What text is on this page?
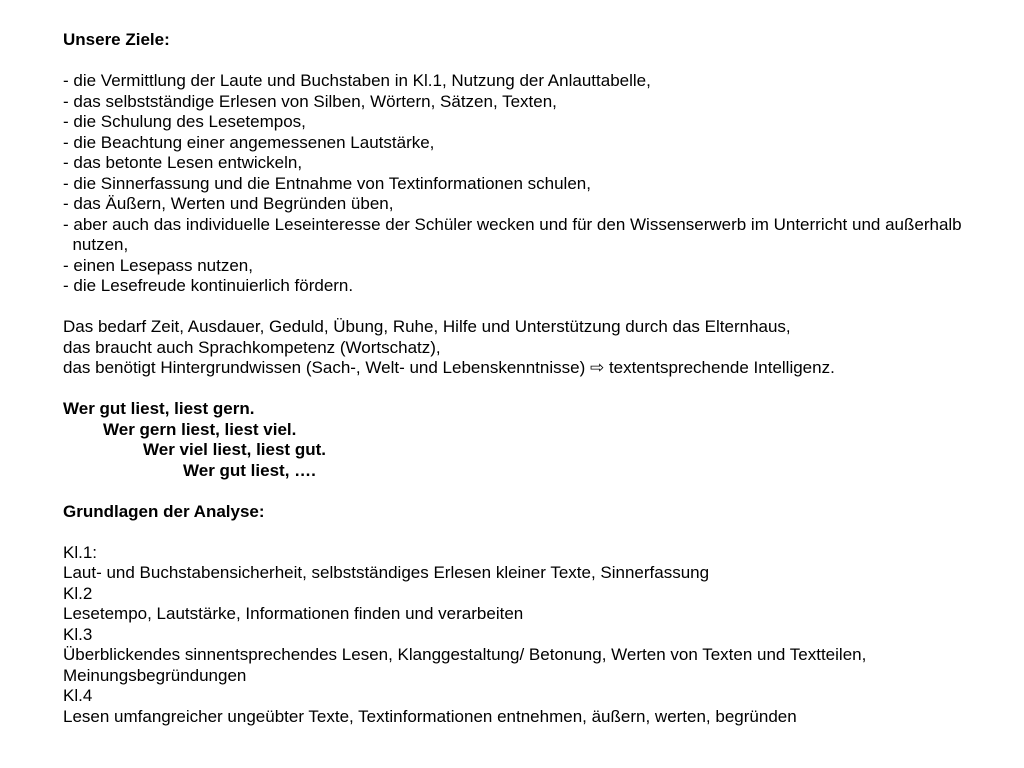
Unsere Ziele:
- die Vermittlung der Laute und Buchstaben in Kl.1, Nutzung der Anlauttabelle,
- das selbstständige Erlesen von Silben, Wörtern, Sätzen, Texten,
- die Schulung des Lesetempos,
- die Beachtung einer angemessenen Lautstärke,
- das betonte Lesen entwickeln,
- die Sinnerfassung und die Entnahme von Textinformationen schulen,
- das Äußern, Werten und Begründen üben,
- aber auch das individuelle Leseinteresse der Schüler wecken und für den Wissenserwerb im Unterricht und außerhalb
nutzen,
- einen Lesepass nutzen,
- die Lesefreude kontinuierlich fördern.
Das bedarf Zeit, Ausdauer, Geduld, Übung, Ruhe, Hilfe und Unterstützung durch das Elternhaus,
das braucht auch Sprachkompetenz (Wortschatz),
das benötigt Hintergrundwissen (Sach-, Welt- und Lebenskenntnisse) ⇨ textentsprechende Intelligenz.
Wer gut liest, liest gern.
Wer gern liest, liest viel.
Wer viel liest, liest gut.
Wer gut liest, ….
Grundlagen der Analyse:
Kl.1:
Laut- und Buchstabensicherheit, selbstständiges Erlesen kleiner Texte, Sinnerfassung
Kl.2
Lesetempo, Lautstärke, Informationen finden und verarbeiten
Kl.3
Überblickendes sinnentsprechendes Lesen, Klanggestaltung/ Betonung, Werten von Texten und Textteilen,
Meinungsbegründungen
Kl.4
Lesen umfangreicher ungeübter Texte, Textinformationen entnehmen, äußern, werten, begründen
